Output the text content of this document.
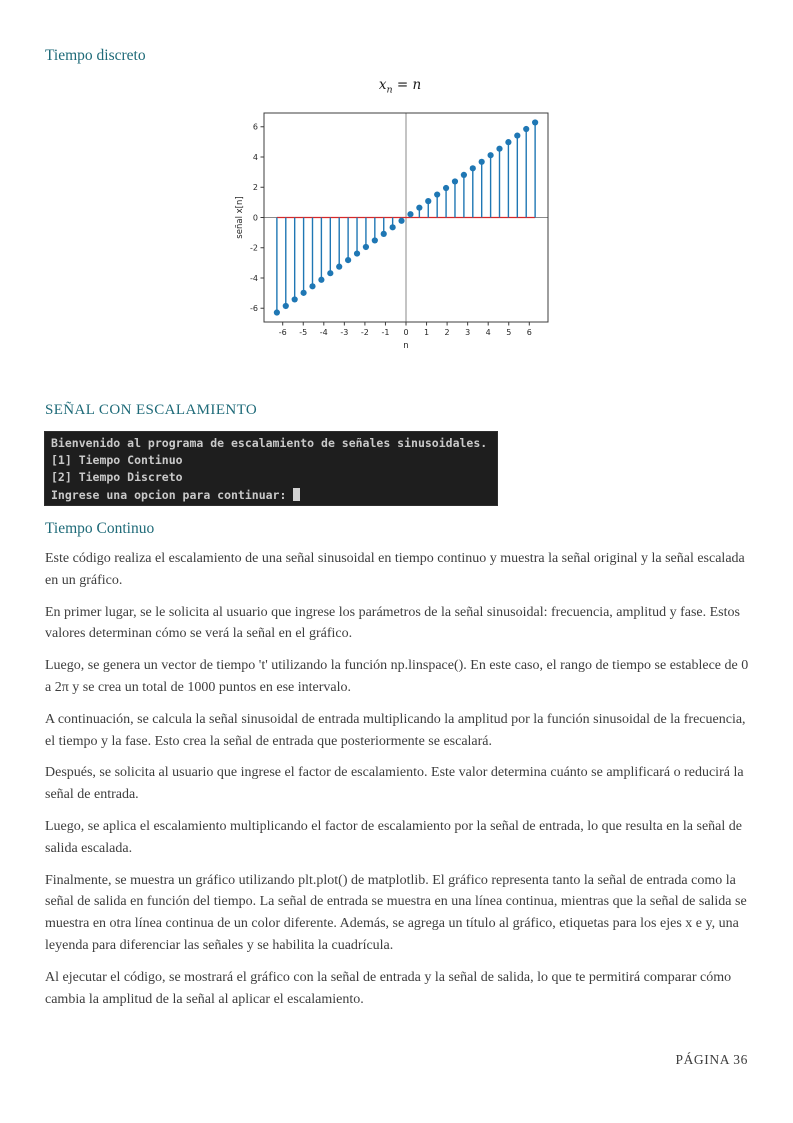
Tiempo discreto
$x_n = n$
-6 -5 -4 -3 -2 -1 0 1 2 3 4 5 6
-6
-4
-2
0
2
4
6
n
señal x[n]
SEÑAL CON ESCALAMIENTO
Bienvenido al programa de escalamiento de señales sinusoidales.
[1] Tiempo Continuo
[2] Tiempo Discreto
Ingrese una opcion para continuar:
Tiempo Continuo

Este código realiza el escalamiento de una señal sinusoidal en tiempo continuo y muestra la señal original y la señal escalada en un gráfico.

En primer lugar, se le solicita al usuario que ingrese los parámetros de la señal sinusoidal: frecuencia, amplitud y fase. Estos valores determinan cómo se verá la señal en el gráfico.

Luego, se genera un vector de tiempo 't' utilizando la función np.linspace(). En este caso, el rango de tiempo se establece de 0 a 2π y se crea un total de 1000 puntos en ese intervalo.

A continuación, se calcula la señal sinusoidal de entrada multiplicando la amplitud por la función sinusoidal de la frecuencia, el tiempo y la fase. Esto crea la señal de entrada que posteriormente se escalará.

Después, se solicita al usuario que ingrese el factor de escalamiento. Este valor determina cuánto se amplificará o reducirá la señal de entrada.

Luego, se aplica el escalamiento multiplicando el factor de escalamiento por la señal de entrada, lo que resulta en la señal de salida escalada.

Finalmente, se muestra un gráfico utilizando plt.plot() de matplotlib. El gráfico representa tanto la señal de entrada como la señal de salida en función del tiempo. La señal de entrada se muestra en una línea continua, mientras que la señal de salida se muestra en otra línea continua de un color diferente. Además, se agrega un título al gráfico, etiquetas para los ejes x e y, una leyenda para diferenciar las señales y se habilita la cuadrícula.

Al ejecutar el código, se mostrará el gráfico con la señal de entrada y la señal de salida, lo que te permitirá comparar cómo cambia la amplitud de la señal al aplicar el escalamiento.

PÁGINA 36
